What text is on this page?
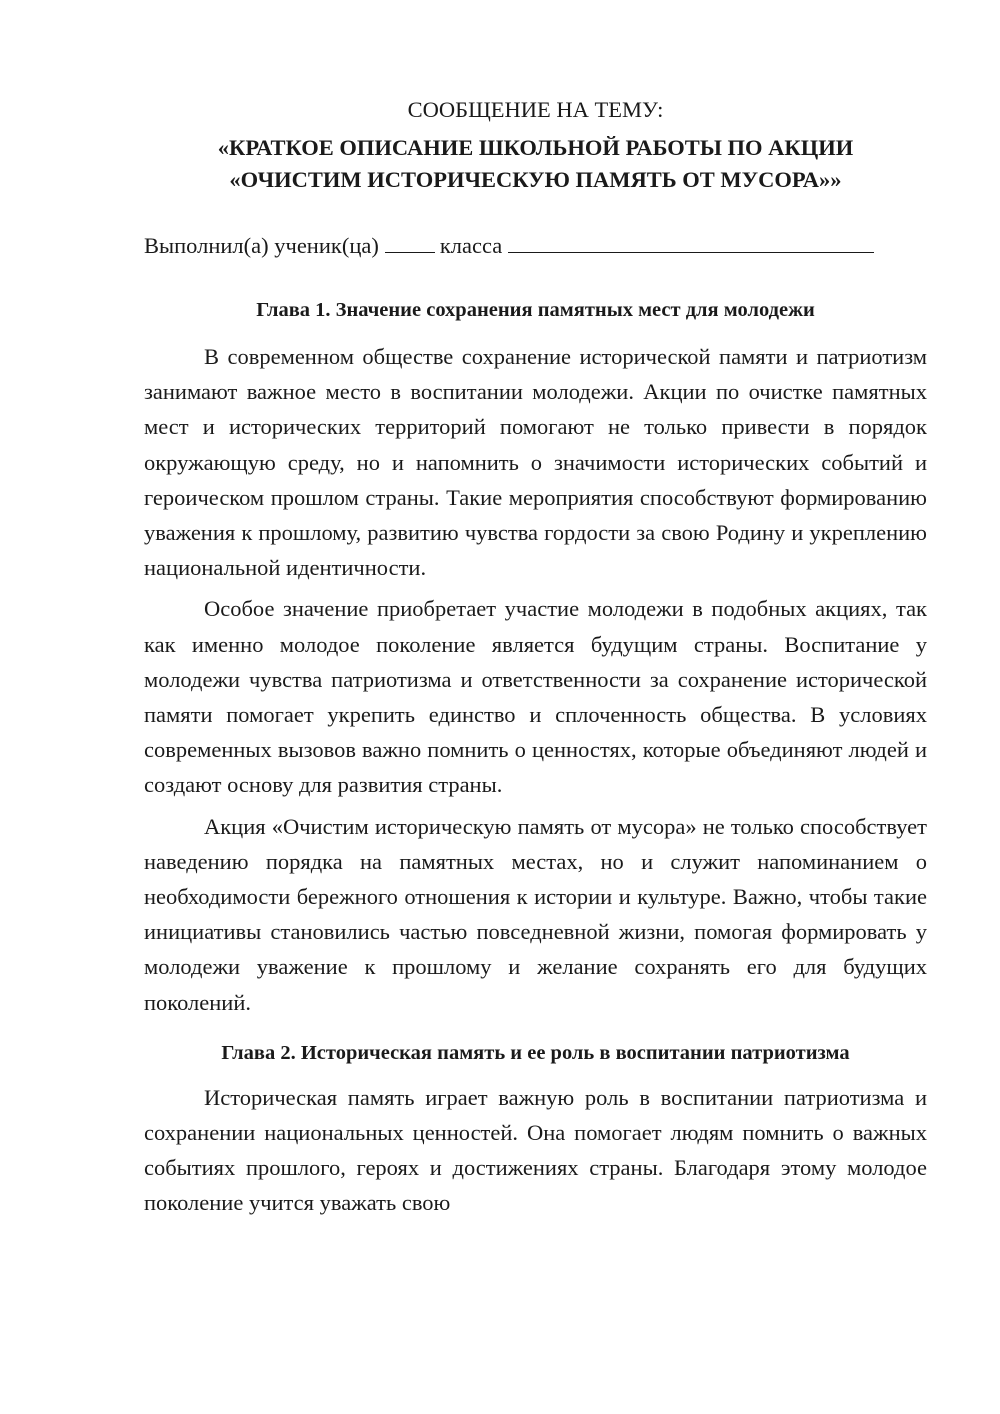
СООБЩЕНИЕ НА ТЕМУ:
«КРАТКОЕ ОПИСАНИЕ ШКОЛЬНОЙ РАБОТЫ ПО АКЦИИ
«ОЧИСТИМ ИСТОРИЧЕСКУЮ ПАМЯТЬ ОТ МУСОРА»»
Выполнил(а) ученик(ца)	класса
Глава 1. Значение сохранения памятных мест для молодежи

В современном обществе сохранение исторической памяти и патриотизм занимают важное место в воспитании молодежи. Акции по очистке памятных мест и исторических территорий помогают не только привести в порядок окружающую среду, но и напомнить о значимости исторических событий и героическом прошлом страны. Такие мероприятия способствуют формированию уважения к прошлому, развитию чувства гордости за свою Родину и укреплению национальной идентичности.

Особое значение приобретает участие молодежи в подобных акциях, так как именно молодое поколение является будущим страны. Воспитание у молодежи чувства патриотизма и ответственности за сохранение исторической памяти помогает укрепить единство и сплоченность общества. В условиях современных вызовов важно помнить о ценностях, которые объединяют людей и создают основу для развития страны.

Акция «Очистим историческую память от мусора» не только способствует наведению порядка на памятных местах, но и служит напоминанием о необходимости бережного отношения к истории и культуре. Важно, чтобы такие инициативы становились частью повседневной жизни, помогая формировать у молодежи уважение к прошлому и желание сохранять его для будущих поколений.

Глава 2. Историческая память и ее роль в воспитании патриотизма

Историческая память играет важную роль в воспитании патриотизма и сохранении национальных ценностей. Она помогает людям помнить о важных событиях прошлого, героях и достижениях страны. Благодаря этому молодое поколение учится уважать свою
